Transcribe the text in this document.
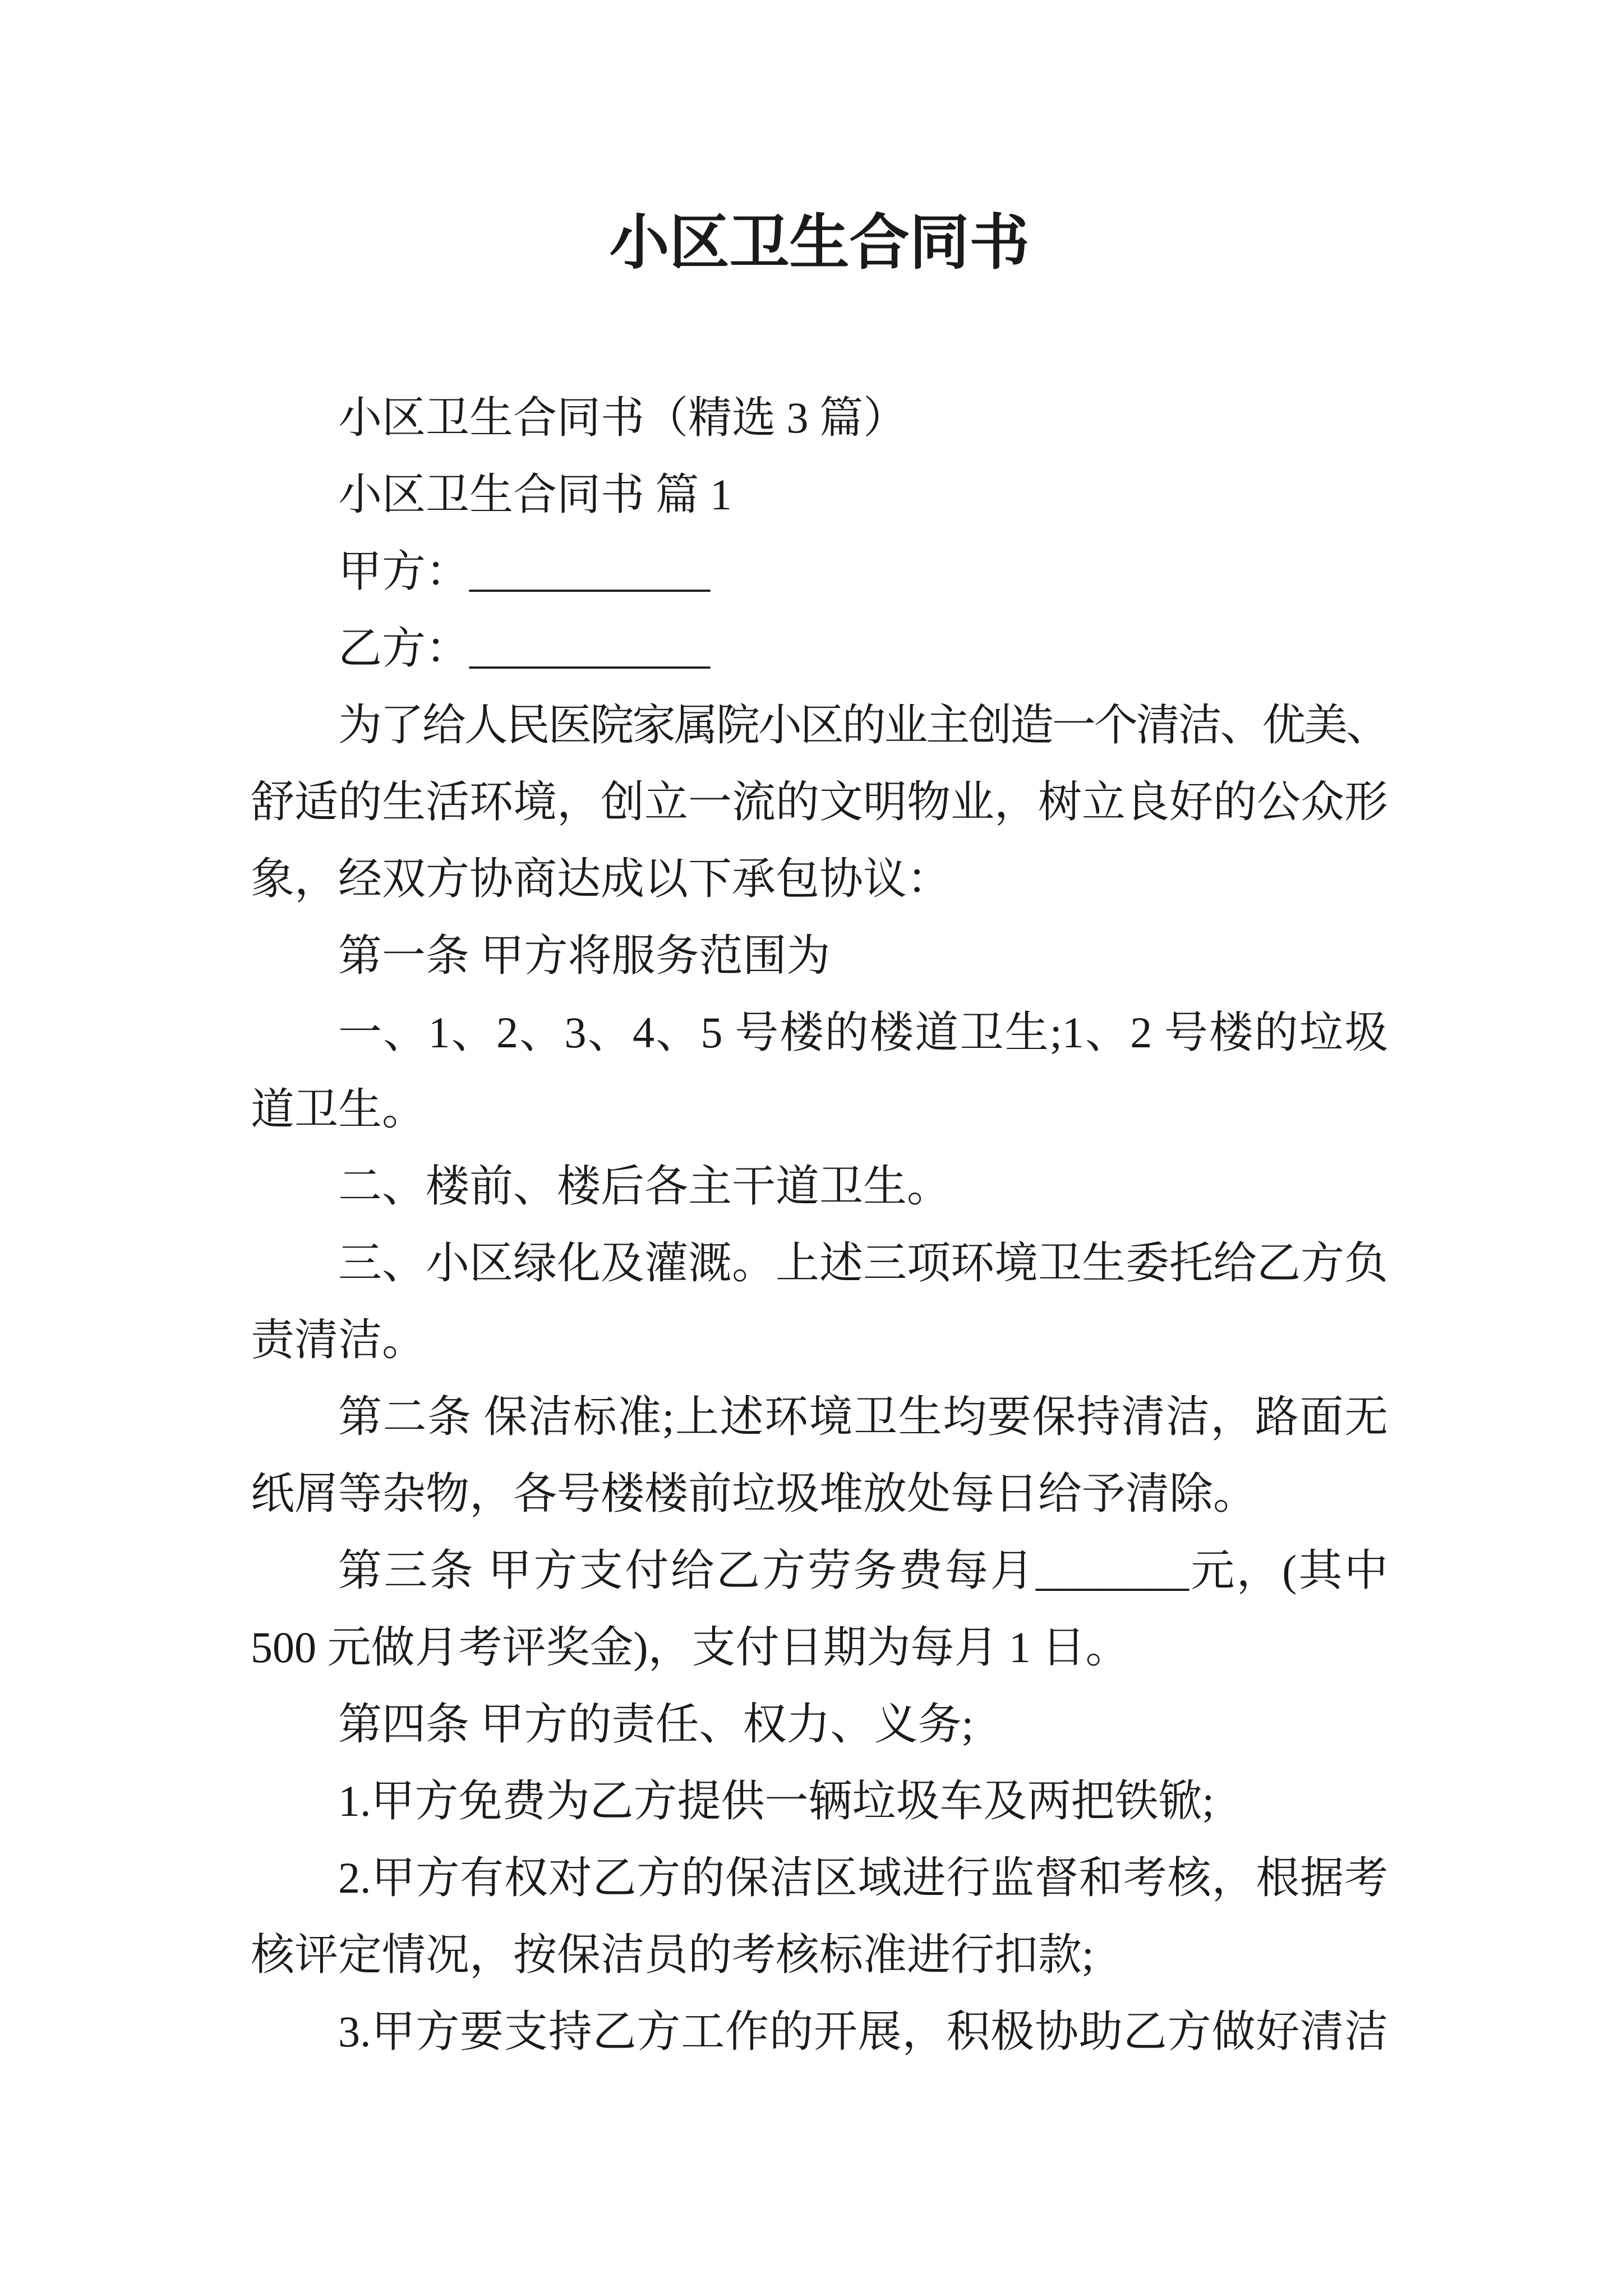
小区卫生合同书
小区卫生合同书（精选 3 篇）
小区卫生合同书 篇 1
甲方：___________
乙方：___________
为了给人民医院家属院小区的业主创造一个清洁、优美、
舒适的生活环境，创立一流的文明物业，树立良好的公众形
象，经双方协商达成以下承包协议：
第一条 甲方将服务范围为
一、1、2、3、4、5 号楼的楼道卫生;1、2 号楼的垃圾
道卫生。
二、楼前、楼后各主干道卫生。
三、小区绿化及灌溉。上述三项环境卫生委托给乙方负
责清洁。
第二条 保洁标准;上述环境卫生均要保持清洁，路面无
纸屑等杂物，各号楼楼前垃圾堆放处每日给予清除。
第三条 甲方支付给乙方劳务费每月_______元，(其中
500 元做月考评奖金)，支付日期为每月 1 日。
第四条 甲方的责任、权力、义务;
1.甲方免费为乙方提供一辆垃圾车及两把铁锨;
2.甲方有权对乙方的保洁区域进行监督和考核，根据考
核评定情况，按保洁员的考核标准进行扣款;
3.甲方要支持乙方工作的开展，积极协助乙方做好清洁
